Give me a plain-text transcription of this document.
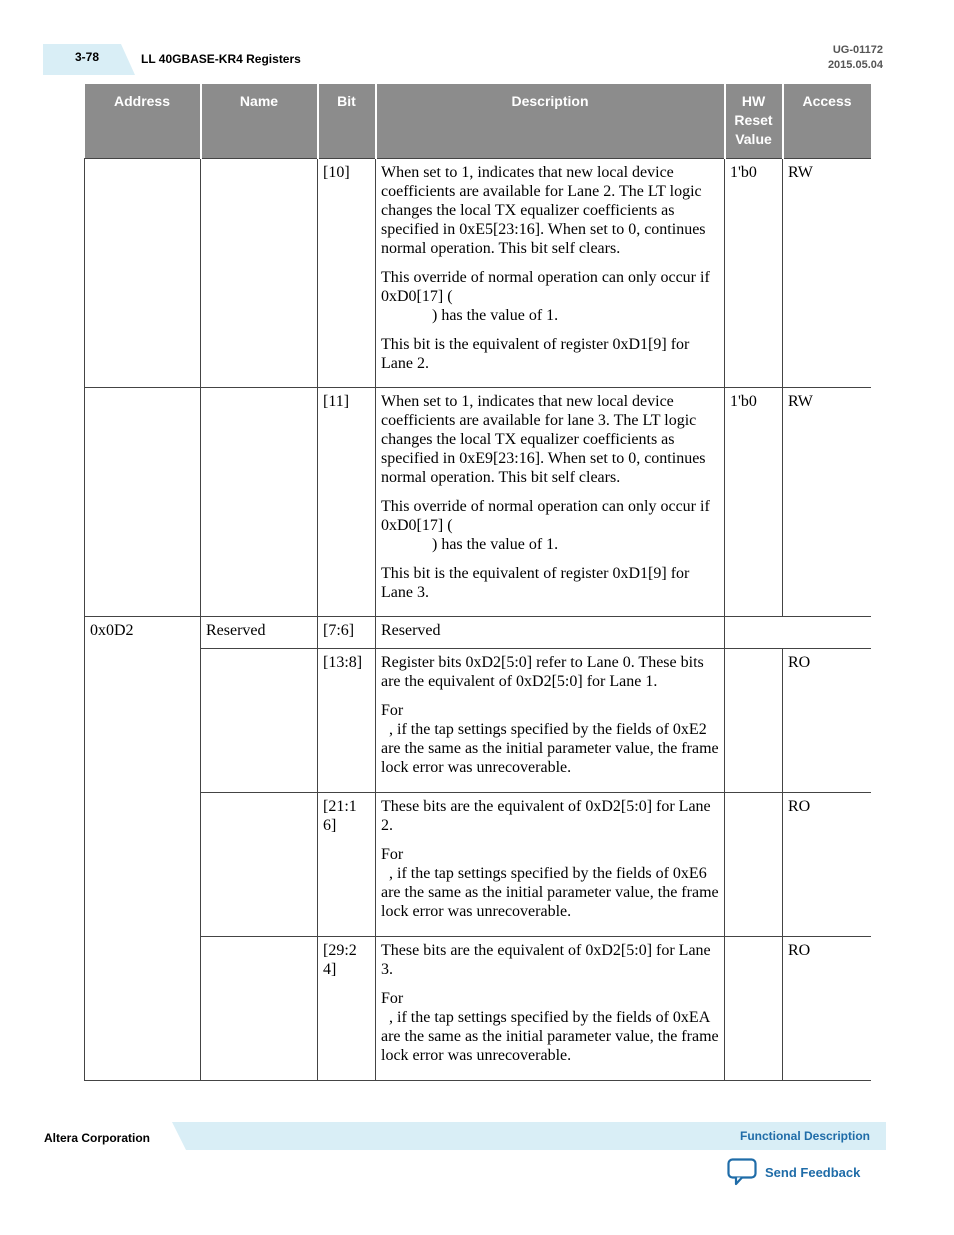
3-78	LL 40GBASE-KR4 Registers
UG-01172
2015.05.04
Address	Name	Bit	Description	HW
Reset
Value	Access
		[10]	When set to 1, indicates that new local device coefficients are available for Lane 2. The LT logic changes the local TX equalizer coefficients as specified in 0xE5[23:16]. When set to 0, continues normal operation. This bit self clears.

This override of normal operation can only occur if 0xD0[17] (
) has the value of 1.

This bit is the equivalent of register 0xD1[9] for Lane 2.	1'b0	RW
		[11]	When set to 1, indicates that new local device coefficients are available for lane 3. The LT logic changes the local TX equalizer coefficients as specified in 0xE9[23:16]. When set to 0, continues normal operation. This bit self clears.

This override of normal operation can only occur if 0xD0[17] (
) has the value of 1.

This bit is the equivalent of register 0xD1[9] for Lane 3.	1'b0	RW
0x0D2	Reserved	[7:6]	Reserved		
		[13:8]	Register bits 0xD2[5:0] refer to Lane 0. These bits are the equivalent of 0xD2[5:0] for Lane 1.

For
, if the tap settings specified by the fields of 0xE2 are the same as the initial parameter value, the frame lock error was unrecoverable.		RO
		[21:16]	These bits are the equivalent of 0xD2[5:0] for Lane 2.

For
, if the tap settings specified by the fields of 0xE6 are the same as the initial parameter value, the frame lock error was unrecoverable.		RO
		[29:24]	These bits are the equivalent of 0xD2[5:0] for Lane 3.

For
, if the tap settings specified by the fields of 0xEA are the same as the initial parameter value, the frame lock error was unrecoverable.		RO
Altera Corporation	Functional Description
Send Feedback
